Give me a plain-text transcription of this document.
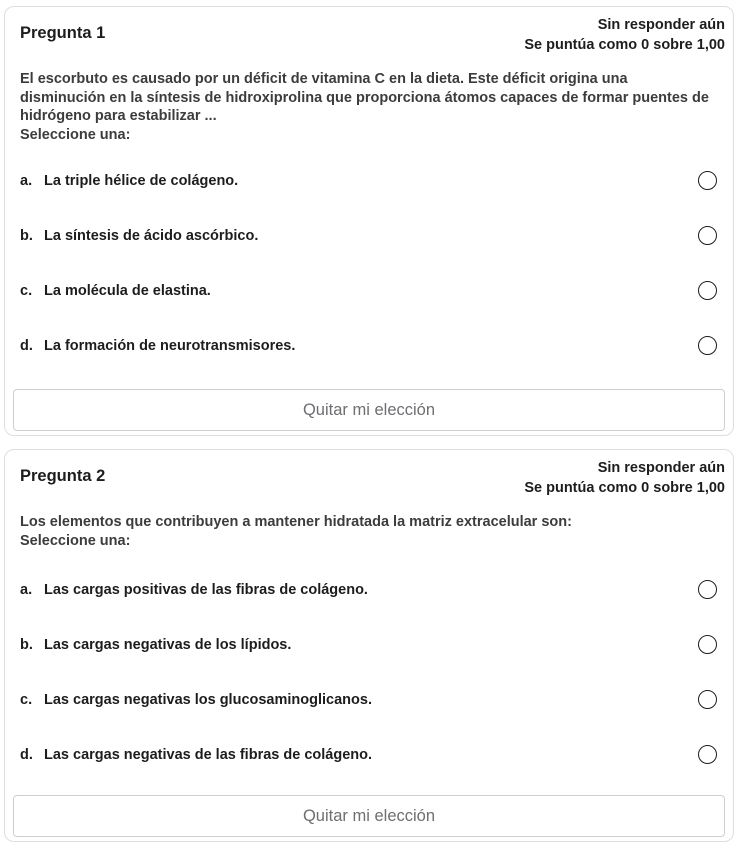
Pregunta 1	Sin responder aún
Se puntúa como 0 sobre 1,00
El escorbuto es causado por un déficit de vitamina C en la dieta. Este déficit origina una disminución en la síntesis de hidroxiprolina que proporciona átomos capaces de formar puentes de hidrógeno para estabilizar ...
Seleccione una:
a. La triple hélice de colágeno.
b. La síntesis de ácido ascórbico.
c. La molécula de elastina.
d. La formación de neurotransmisores.
Quitar mi elección
Pregunta 2	Sin responder aún
Se puntúa como 0 sobre 1,00
Los elementos que contribuyen a mantener hidratada la matriz extracelular son:
Seleccione una:
a. Las cargas positivas de las fibras de colágeno.
b. Las cargas negativas de los lípidos.
c. Las cargas negativas los glucosaminoglicanos.
d. Las cargas negativas de las fibras de colágeno.
Quitar mi elección
